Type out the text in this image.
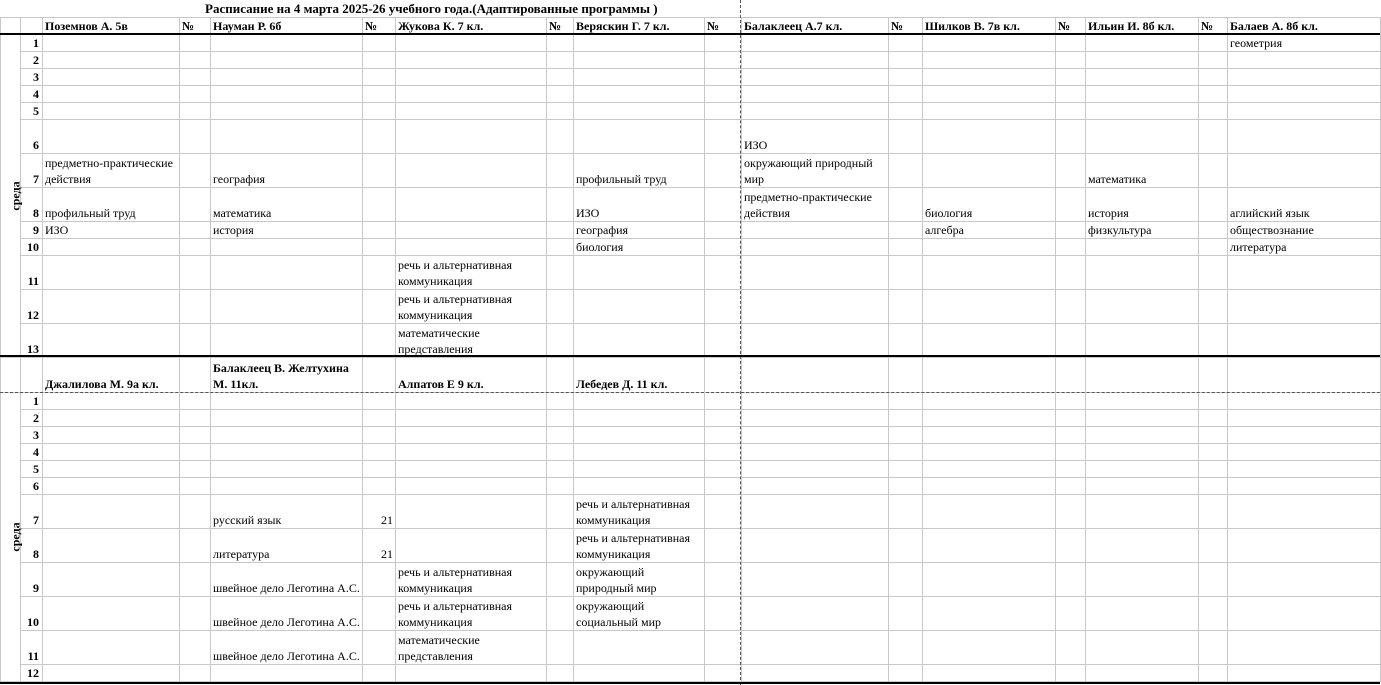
Расписание на 4 марта 2025-26 учебного года.(Адаптированные программы )
		Поземнов А. 5в	№	Науман Р. 6б	№	Жукова К. 7 кл.	№	Веряскин Г. 7 кл.	№	Балаклеец А.7 кл.	№	Шилков В. 7в кл.	№	Ильин И. 8б кл.	№	Балаев А. 8б кл.	
среда	1															геометрия	
	2																
	3																
	4																
	5																
	6									ИЗО							
	7	предметно-практические действия		география				профильный труд		окружающий природный мир				математика			
	8	профильный труд		математика				ИЗО		предметно-практические действия		биология		история		аглийский язык	
	9	ИЗО		история				география				алгебра		физкультура		обществознание	
	10							биология								литература	
	11					речь и альтернативная коммуникация											
	12					речь и альтернативная коммуникация											
	13					математические представления											
		Джалилова М. 9а кл.		Балаклеец В. Желтухина М. 11кл.		Алпатов Е 9 кл.		Лебедев Д. 11 кл.									
среда	1																
	2																
	3																
	4																
	5																
	6																
	7			русский язык	21			речь и альтернативная коммуникация									
	8			литература	21			речь и альтернативная коммуникация									
	9			швейное дело Леготина А.С.		речь и альтернативная коммуникация		окружающий природный мир									
	10			швейное дело Леготина А.С.		речь и альтернативная коммуникация		окружающий социальный мир									
	11			швейное дело Леготина А.С.		математические представления											
	12																
